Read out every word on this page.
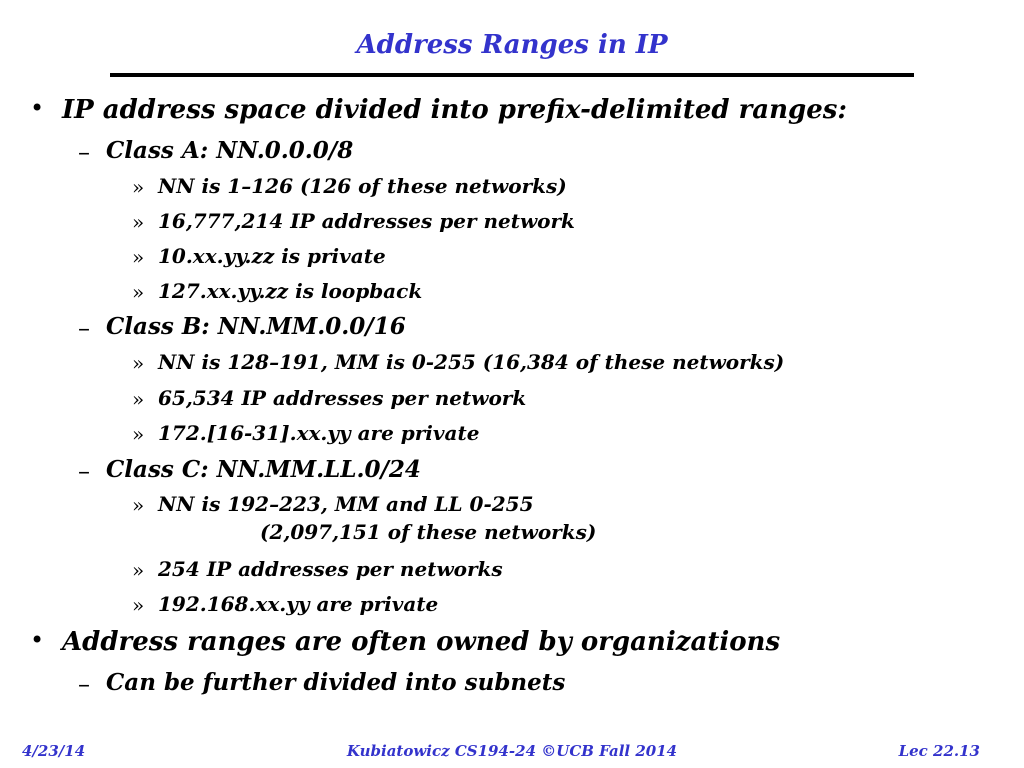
Address Ranges in IP
• IP address space divided into prefix-delimited ranges:
– Class A: NN.0.0.0/8
» NN is 1–126 (126 of these networks)
» 16,777,214 IP addresses per network
» 10.xx.yy.zz is private
» 127.xx.yy.zz is loopback
– Class B: NN.MM.0.0/16
» NN is 128–191, MM is 0-255 (16,384 of these networks)
» 65,534 IP addresses per network
» 172.[16-31].xx.yy are private
– Class C: NN.MM.LL.0/24
» NN is 192–223, MM and LL 0-255
(2,097,151 of these networks)
» 254 IP addresses per networks
» 192.168.xx.yy are private
• Address ranges are often owned by organizations
– Can be further divided into subnets
4/23/14	Kubiatowicz CS194-24 ©UCB Fall 2014	Lec 22.13
